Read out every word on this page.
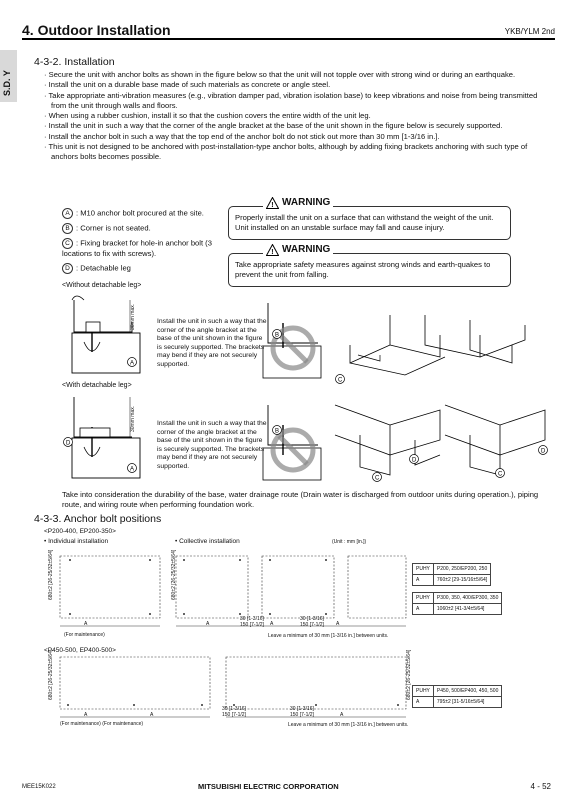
4. Outdoor Installation	YKB/YLM 2nd
S.D. Y
4-3-2. Installation
· Secure the unit with anchor bolts as shown in the figure below so that the unit will not topple over with strong wind or during an earthquake.
· Install the unit on a durable base made of such materials as concrete or angle steel.
· Take appropriate anti-vibration measures (e.g., vibration damper pad, vibration isolation base) to keep vibrations and noise from being transmitted from the unit through walls and floors.
· When using a rubber cushion, install it so that the cushion covers the entire width of the unit leg.
· Install the unit in such a way that the corner of the angle bracket at the base of the unit shown in the figure below is securely supported.
· Install the anchor bolt in such a way that the top end of the anchor bolt do not stick out more than 30 mm [1-3/16 in.].
· This unit is not designed to be anchored with post-installation-type anchor bolts, although by adding fixing brackets anchoring with such type of anchors bolts becomes possible.
A : M10 anchor bolt procured at the site.
B : Corner is not seated.
C : Fixing bracket for hole-in anchor bolt (3 locations to fix with screws).
D : Detachable leg
! WARNING
Properly install the unit on a surface that can withstand the weight of the unit. Unit installed on an unstable surface may fall and cause injury.
! WARNING
Take appropriate safety measures against strong winds and earth-quakes to prevent the unit from falling.
<Without detachable leg>
<With detachable leg>
A
30mm max.	Install the unit in such a way that the corner of the angle bracket at the base of the unit shown in the figure is securely supported. The brackets may bend if they are not securely supported.
B
C
D
A
30mm max.	Install the unit in such a way that the corner of the angle bracket at the base of the unit shown in the figure is securely supported. The brackets may bend if they are not securely supported.
B
C
D
C
D
Take into consideration the durability of the base, water drainage route (Drain water is discharged from outdoor units during operation.), piping route, and wiring route when performing foundation work.
4-3-3. Anchor bolt positions
<P200-400, EP200-350>
• Individual installation	• Collective installation	(Unit : mm [in.])
680±2 [26-25/32±5/64]	680±2 [26-25/32±5/64]
A	A
30 [1-3/16]
150 [7-1/2] A
30 [1-3/16]
150 [7-1/2] A
(For maintenance)	Leave a minimum of 30 mm [1-3/16 in.] between units.
PUHY	P200, 250/EP200, 250
A	760±2 [29-15/16±5/64]
PUHY	P300, 350, 400/EP300, 350
A	1060±2 [41-3/4±5/64]
<P450-500, EP400-500>
680±2 [26-25/32±5/64]	680±2 [26-25/32±5/64]
A	A
30 [1-3/16]
150 [7-1/2]
30 [1-3/16]
150 [7-1/2]	A
(For maintenance) (For maintenance)	Leave a minimum of 30 mm [1-3/16 in.] between units.
PUHY	P450, 500/EP400, 450, 500
A	795±2 [31-5/16±5/64]
MEE15K022	MITSUBISHI ELECTRIC CORPORATION	4 - 52
